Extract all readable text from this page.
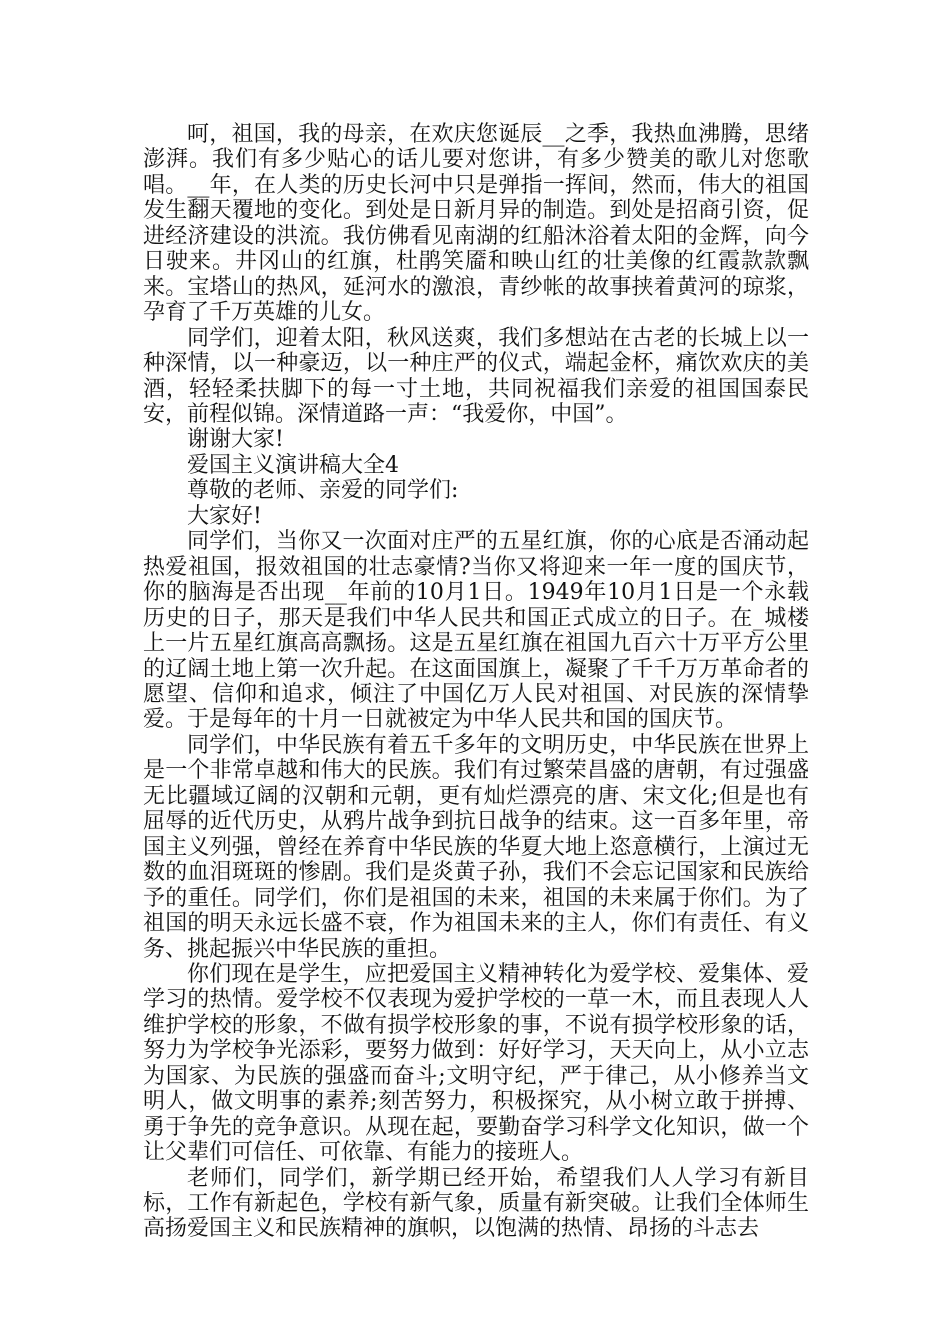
呵，祖国，我的母亲，在欢庆您诞辰__之季，我热血沸腾，思绪澎湃。我们有多少贴心的话儿要对您讲，有多少赞美的歌儿对您歌唱。__年，在人类的历史长河中只是弹指一挥间，然而，伟大的祖国发生翻天覆地的变化。到处是日新月异的制造。到处是招商引资，促进经济建设的洪流。我仿佛看见南湖的红船沐浴着太阳的金辉，向今日驶来。井冈山的红旗，杜鹃笑靥和映山红的壮美像的红霞款款飘来。宝塔山的热风，延河水的激浪，青纱帐的故事挟着黄河的琼浆，孕育了千万英雄的儿女。

同学们，迎着太阳，秋风送爽，我们多想站在古老的长城上以一种深情，以一种豪迈，以一种庄严的仪式，端起金杯，痛饮欢庆的美酒，轻轻柔扶脚下的每一寸土地，共同祝福我们亲爱的祖国国泰民安，前程似锦。深情道路一声：“我爱你，中国”。

谢谢大家!

爱国主义演讲稿大全4

尊敬的老师、亲爱的同学们:

大家好!

同学们，当你又一次面对庄严的五星红旗，你的心底是否涌动起热爱祖国，报效祖国的壮志豪情?当你又将迎来一年一度的国庆节，你的脑海是否出现__年前的10月1日。1949年10月1日是一个永载历史的日子，那天是我们中华人民共和国正式成立的日子。在_城楼上一片五星红旗高高飘扬。这是五星红旗在祖国九百六十万平方公里的辽阔土地上第一次升起。在这面国旗上，凝聚了千千万万革命者的愿望、信仰和追求，倾注了中国亿万人民对祖国、对民族的深情挚爱。于是每年的十月一日就被定为中华人民共和国的国庆节。

同学们，中华民族有着五千多年的文明历史，中华民族在世界上是一个非常卓越和伟大的民族。我们有过繁荣昌盛的唐朝，有过强盛无比疆域辽阔的汉朝和元朝，更有灿烂漂亮的唐、宋文化;但是也有屈辱的近代历史，从鸦片战争到抗日战争的结束。这一百多年里，帝国主义列强，曾经在养育中华民族的华夏大地上恣意横行，上演过无数的血泪斑斑的惨剧。我们是炎黄子孙，我们不会忘记国家和民族给予的重任。同学们，你们是祖国的未来，祖国的未来属于你们。为了祖国的明天永远长盛不衰，作为祖国未来的主人，你们有责任、有义务、挑起振兴中华民族的重担。

你们现在是学生，应把爱国主义精神转化为爱学校、爱集体、爱学习的热情。爱学校不仅表现为爱护学校的一草一木，而且表现人人维护学校的形象，不做有损学校形象的事，不说有损学校形象的话，努力为学校争光添彩，要努力做到：好好学习，天天向上，从小立志为国家、为民族的强盛而奋斗;文明守纪，严于律己，从小修养当文明人，做文明事的素养;刻苦努力，积极探究，从小树立敢于拼搏、勇于争先的竞争意识。从现在起，要勤奋学习科学文化知识，做一个让父辈们可信任、可依靠、有能力的接班人。

老师们，同学们，新学期已经开始，希望我们人人学习有新目标，工作有新起色，学校有新气象，质量有新突破。让我们全体师生高扬爱国主义和民族精神的旗帜，以饱满的热情、昂扬的斗志去
